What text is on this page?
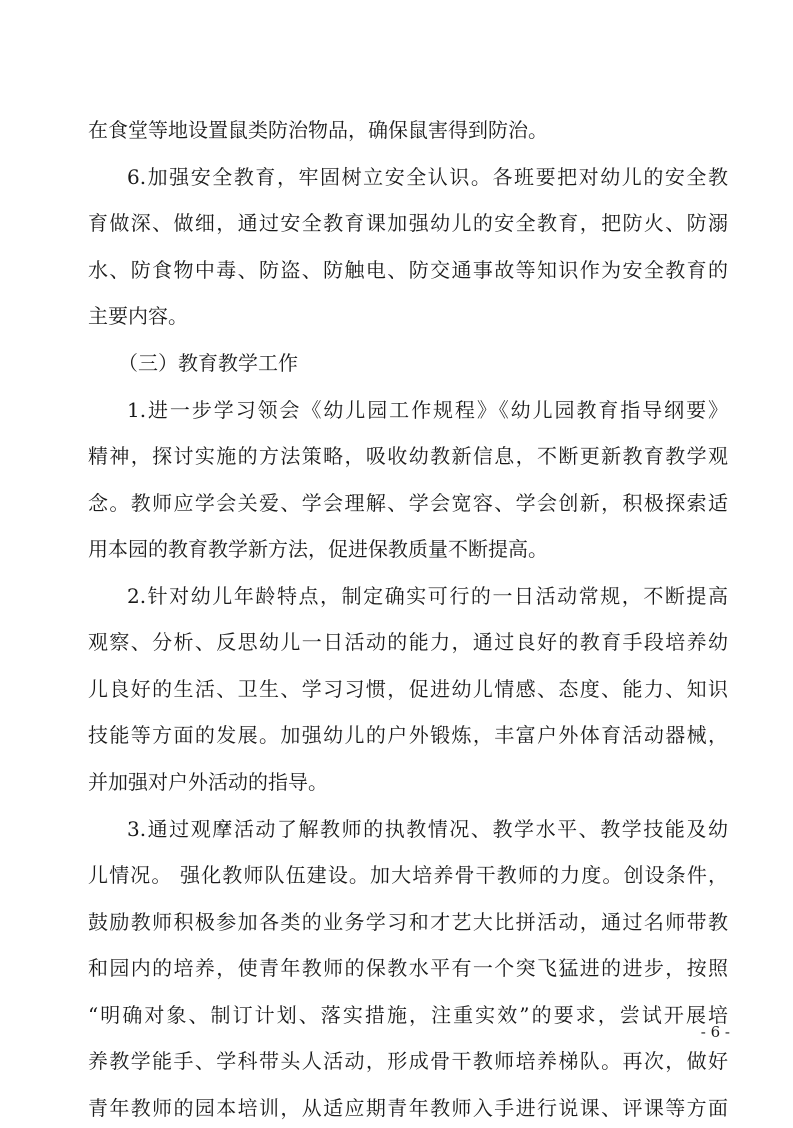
在食堂等地设置鼠类防治物品，确保鼠害得到防治。
6.加强安全教育，牢固树立安全认识。各班要把对幼儿的安全教
育做深、做细，通过安全教育课加强幼儿的安全教育，把防火、防溺
水、防食物中毒、防盗、防触电、防交通事故等知识作为安全教育的
主要内容。
（三）教育教学工作
1.进一步学习领会《幼儿园工作规程》《幼儿园教育指导纲要》
精神，探讨实施的方法策略，吸收幼教新信息，不断更新教育教学观
念。教师应学会关爱、学会理解、学会宽容、学会创新，积极探索适
用本园的教育教学新方法，促进保教质量不断提高。
2.针对幼儿年龄特点，制定确实可行的一日活动常规，不断提高
观察、分析、反思幼儿一日活动的能力，通过良好的教育手段培养幼
儿良好的生活、卫生、学习习惯，促进幼儿情感、态度、能力、知识
技能等方面的发展。加强幼儿的户外锻炼，丰富户外体育活动器械，
并加强对户外活动的指导。
3.通过观摩活动了解教师的执教情况、教学水平、教学技能及幼
儿情况。 强化教师队伍建设。加大培养骨干教师的力度。创设条件，
鼓励教师积极参加各类的业务学习和才艺大比拼活动，通过名师带教
和园内的培养，使青年教师的保教水平有一个突飞猛进的进步，按照
“明确对象、制订计划、落实措施，注重实效”的要求，尝试开展培
养教学能手、学科带头人活动，形成骨干教师培养梯队。再次，做好
青年教师的园本培训，从适应期青年教师入手进行说课、评课等方面
- 6 -
